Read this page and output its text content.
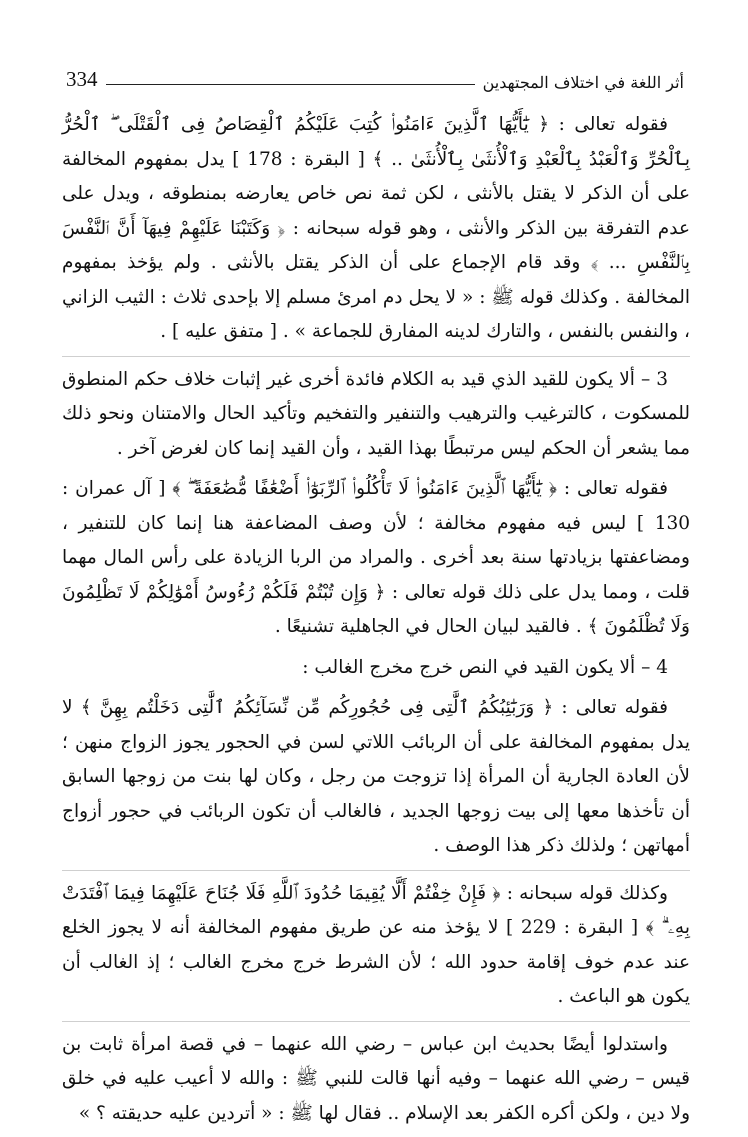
334	أثر اللغة في اختلاف المجتهدين

فقوله تعالى : ﴿ يَٰٓأَيُّهَا ٱلَّذِينَ ءَامَنُوا۟ كُتِبَ عَلَيْكُمُ ٱلْقِصَاصُ فِى ٱلْقَتْلَى ۖ ٱلْحُرُّ بِٱلْحُرِّ وَٱلْعَبْدُ بِٱلْعَبْدِ وَٱلْأُنثَىٰ بِٱلْأُنثَىٰ .. ﴾ [ البقرة : 178 ] يدل بمفهوم المخالفة على أن الذكر لا يقتل بالأنثى ، لكن ثمة نص خاص يعارضه بمنطوقه ، ويدل على عدم التفرقة بين الذكر والأنثى ، وهو قوله سبحانه : ﴿ وَكَتَبْنَا عَلَيْهِمْ فِيهَآ أَنَّ ٱلنَّفْسَ بِٱلنَّفْسِ ... ﴾ وقد قام الإجماع على أن الذكر يقتل بالأنثى . ولم يؤخذ بمفهوم المخالفة . وكذلك قوله ﷺ : « لا يحل دم امرئ مسلم إلا بإحدى ثلاث : الثيب الزاني ، والنفس بالنفس ، والتارك لدينه المفارق للجماعة » . [ متفق عليه ] .

3 – ألا يكون للقيد الذي قيد به الكلام فائدة أخرى غير إثبات خلاف حكم المنطوق للمسكوت ، كالترغيب والترهيب والتنفير والتفخيم وتأكيد الحال والامتنان ونحو ذلك مما يشعر أن الحكم ليس مرتبطًا بهذا القيد ، وأن القيد إنما كان لغرض آخر .

فقوله تعالى : ﴿ يَٰٓأَيُّهَا ٱلَّذِينَ ءَامَنُوا۟ لَا تَأْكُلُوا۟ ٱلرِّبَوٰٓا۟ أَضْعَٰفًا مُّضَٰعَفَةً ۖ ﴾ [ آل عمران : 130 ] ليس فيه مفهوم مخالفة ؛ لأن وصف المضاعفة هنا إنما كان للتنفير ، ومضاعفتها بزيادتها سنة بعد أخرى . والمراد من الربا الزيادة على رأس المال مهما قلت ، ومما يدل على ذلك قوله تعالى : ﴿ وَإِن تُبْتُمْ فَلَكُمْ رُءُوسُ أَمْوَٰلِكُمْ لَا تَظْلِمُونَ وَلَا تُظْلَمُونَ ﴾ . فالقيد لبيان الحال في الجاهلية تشنيعًا .

4 – ألا يكون القيد في النص خرج مخرج الغالب :

فقوله تعالى : ﴿ وَرَبَٰٓئِبُكُمُ ٱلَّٰتِى فِى حُجُورِكُم مِّن نِّسَآئِكُمُ ٱلَّٰتِى دَخَلْتُم بِهِنَّ ﴾ لا يدل بمفهوم المخالفة على أن الربائب اللاتي لسن في الحجور يجوز الزواج منهن ؛ لأن العادة الجارية أن المرأة إذا تزوجت من رجل ، وكان لها بنت من زوجها السابق أن تأخذها معها إلى بيت زوجها الجديد ، فالغالب أن تكون الربائب في حجور أزواج أمهاتهن ؛ ولذلك ذكر هذا الوصف .

وكذلك قوله سبحانه : ﴿ فَإِنْ خِفْتُمْ أَلَّا يُقِيمَا حُدُودَ ٱللَّهِ فَلَا جُنَاحَ عَلَيْهِمَا فِيمَا ٱفْتَدَتْ بِهِۦ ۗ ﴾ [ البقرة : 229 ] لا يؤخذ منه عن طريق مفهوم المخالفة أنه لا يجوز الخلع عند عدم خوف إقامة حدود الله ؛ لأن الشرط خرج مخرج الغالب ؛ إذ الغالب أن يكون هو الباعث .

واستدلوا أيضًا بحديث ابن عباس – رضي الله عنهما – في قصة امرأة ثابت بن قيس – رضي الله عنهما – وفيه أنها قالت للنبي ﷺ : والله لا أعيب عليه في خلق ولا دين ، ولكن أكره الكفر بعد الإسلام .. فقال لها ﷺ : « أتردين عليه حديقته ؟ »
